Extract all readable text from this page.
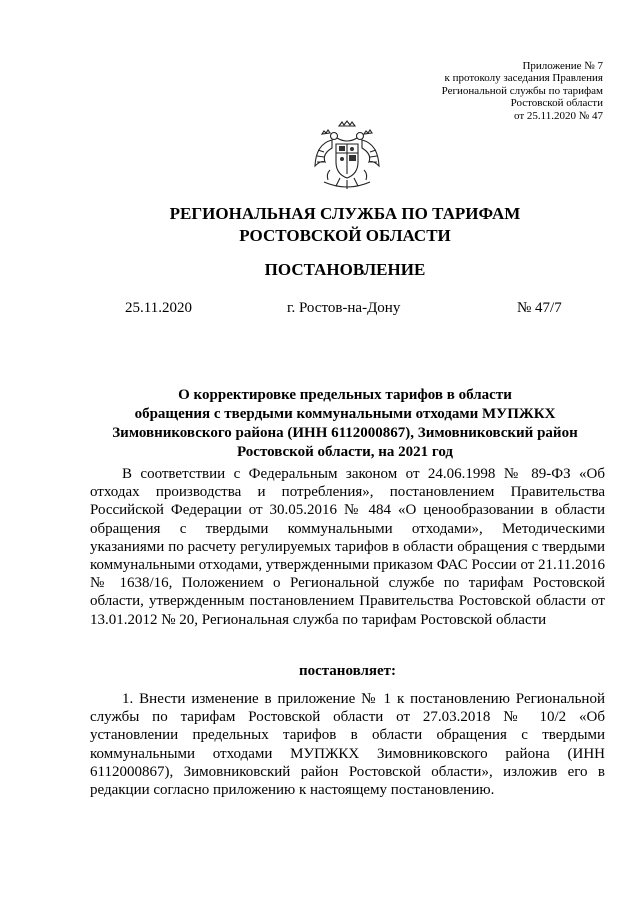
Приложение № 7
к протоколу заседания Правления
Региональной службы по тарифам
Ростовской области
от 25.11.2020 № 47
РЕГИОНАЛЬНАЯ СЛУЖБА ПО ТАРИФАМ
РОСТОВСКОЙ ОБЛАСТИ
ПОСТАНОВЛЕНИЕ
25.11.2020	г. Ростов-на-Дону	№ 47/7
О корректировке предельных тарифов в области
обращения с твердыми коммунальными отходами МУПЖКХ
Зимовниковского района (ИНН 6112000867), Зимовниковский район
Ростовской области, на 2021 год

В соответствии с Федеральным законом от 24.06.1998 № 89-ФЗ «Об отходах производства и потребления», постановлением Правительства Российской Федерации от 30.05.2016 № 484 «О ценообразовании в области обращения с твердыми коммунальными отходами», Методическими указаниями по расчету регулируемых тарифов в области обращения с твердыми коммунальными отходами, утвержденными приказом ФАС России от 21.11.2016 № 1638/16, Положением о Региональной службе по тарифам Ростовской области, утвержденным постановлением Правительства Ростовской области от 13.01.2012 № 20, Региональная служба по тарифам Ростовской области

постановляет:

1. Внести изменение в приложение № 1 к постановлению Региональной службы по тарифам Ростовской области от 27.03.2018 № 10/2 «Об установлении предельных тарифов в области обращения с твердыми коммунальными отходами МУПЖКХ Зимовниковского района (ИНН 6112000867), Зимовниковский район Ростовской области», изложив его в редакции согласно приложению к настоящему постановлению.
